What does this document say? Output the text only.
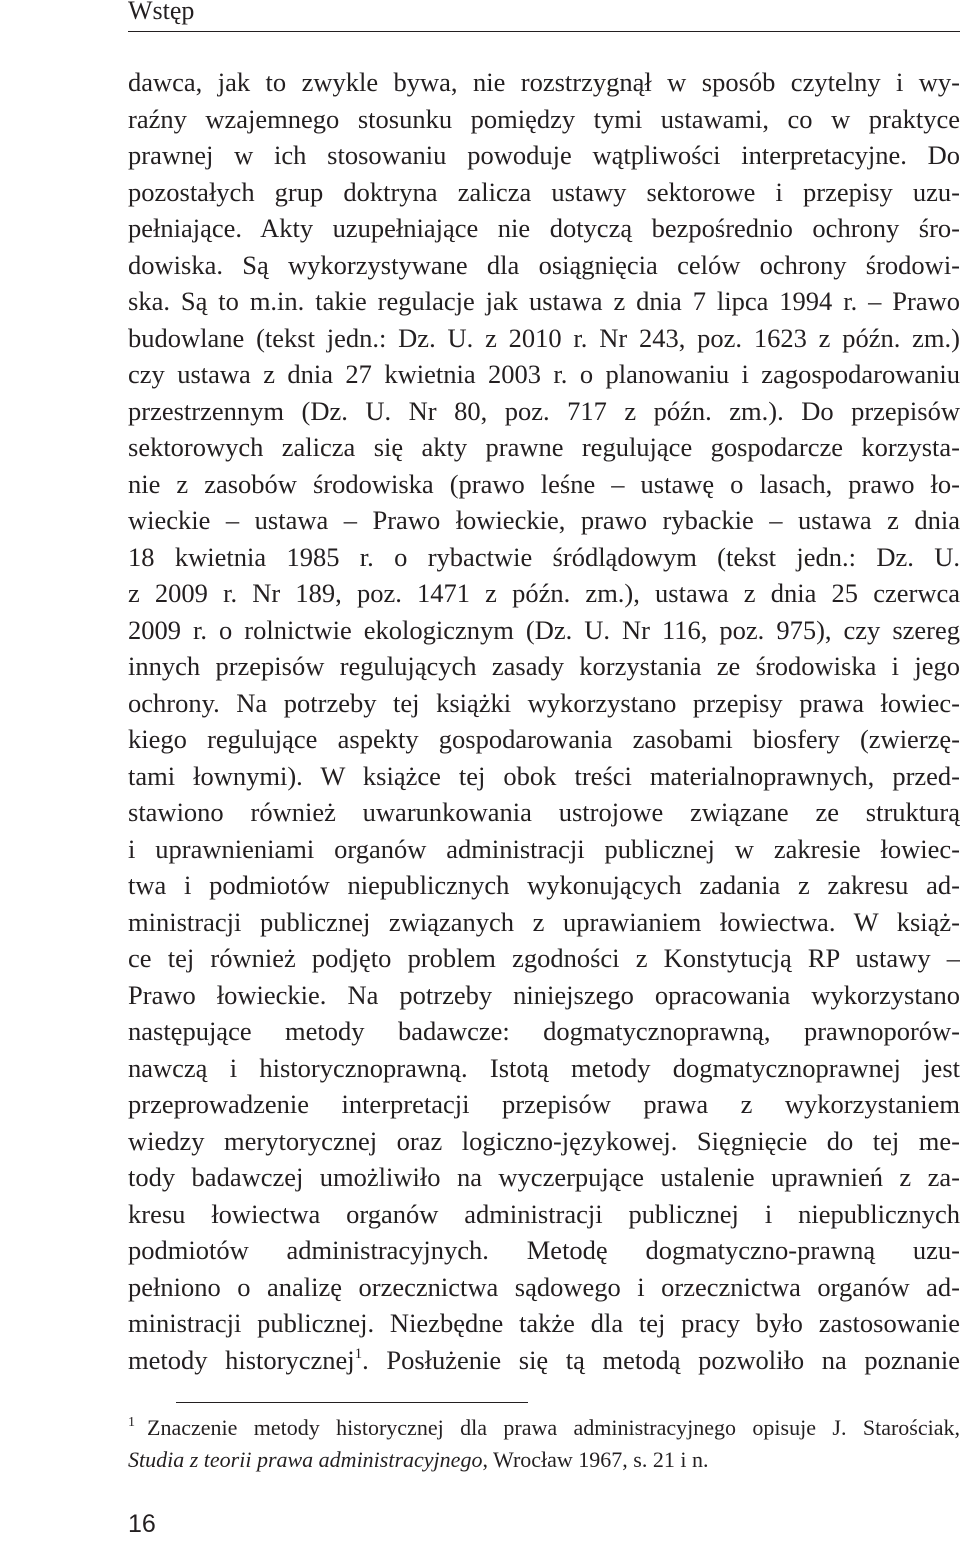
Wstęp
dawca, jak to zwykle bywa, nie rozstrzygnął w sposób czytelny i wy-
raźny wzajemnego stosunku pomiędzy tymi ustawami, co w praktyce
prawnej w ich stosowaniu powoduje wątpliwości interpretacyjne. Do
pozostałych grup doktryna zalicza ustawy sektorowe i przepisy uzu-
pełniające. Akty uzupełniające nie dotyczą bezpośrednio ochrony śro-
dowiska. Są wykorzystywane dla osiągnięcia celów ochrony środowi-
ska. Są to m.in. takie regulacje jak ustawa z dnia 7 lipca 1994 r. – Prawo
budowlane (tekst jedn.: Dz. U. z 2010 r. Nr 243, poz. 1623 z późn. zm.)
czy ustawa z dnia 27 kwietnia 2003 r. o planowaniu i zagospodarowaniu
przestrzennym (Dz. U. Nr 80, poz. 717 z późn. zm.). Do przepisów
sektorowych zalicza się akty prawne regulujące gospodarcze korzysta-
nie z zasobów środowiska (prawo leśne – ustawę o lasach, prawo ło-
wieckie – ustawa – Prawo łowieckie, prawo rybackie – ustawa z dnia
18 kwietnia 1985 r. o rybactwie śródlądowym (tekst jedn.: Dz. U.
z 2009 r. Nr 189, poz. 1471 z późn. zm.), ustawa z dnia 25 czerwca
2009 r. o rolnictwie ekologicznym (Dz. U. Nr 116, poz. 975), czy szereg
innych przepisów regulujących zasady korzystania ze środowiska i jego
ochrony. Na potrzeby tej książki wykorzystano przepisy prawa łowiec-
kiego regulujące aspekty gospodarowania zasobami biosfery (zwierzę-
tami łownymi). W książce tej obok treści materialnoprawnych, przed-
stawiono również uwarunkowania ustrojowe związane ze strukturą
i uprawnieniami organów administracji publicznej w zakresie łowiec-
twa i podmiotów niepublicznych wykonujących zadania z zakresu ad-
ministracji publicznej związanych z uprawianiem łowiectwa. W książ-
ce tej również podjęto problem zgodności z Konstytucją RP ustawy –
Prawo łowieckie. Na potrzeby niniejszego opracowania wykorzystano
następujące metody badawcze: dogmatycznoprawną, prawnoporów-
nawczą i historycznoprawną. Istotą metody dogmatycznoprawnej jest
przeprowadzenie interpretacji przepisów prawa z wykorzystaniem
wiedzy merytorycznej oraz logiczno-językowej. Sięgnięcie do tej me-
tody badawczej umożliwiło na wyczerpujące ustalenie uprawnień z za-
kresu łowiectwa organów administracji publicznej i niepublicznych
podmiotów administracyjnych. Metodę dogmatyczno-prawną uzu-
pełniono o analizę orzecznictwa sądowego i orzecznictwa organów ad-
ministracji publicznej. Niezbędne także dla tej pracy było zastosowanie
metody historycznej$^1$. Posłużenie się tą metodą pozwoliło na poznanie
$^1$ Znaczenie metody historycznej dla prawa administracyjnego opisuje J. Starościak,
Studia z teorii prawa administracyjnego, Wrocław 1967, s. 21 i n.
16
